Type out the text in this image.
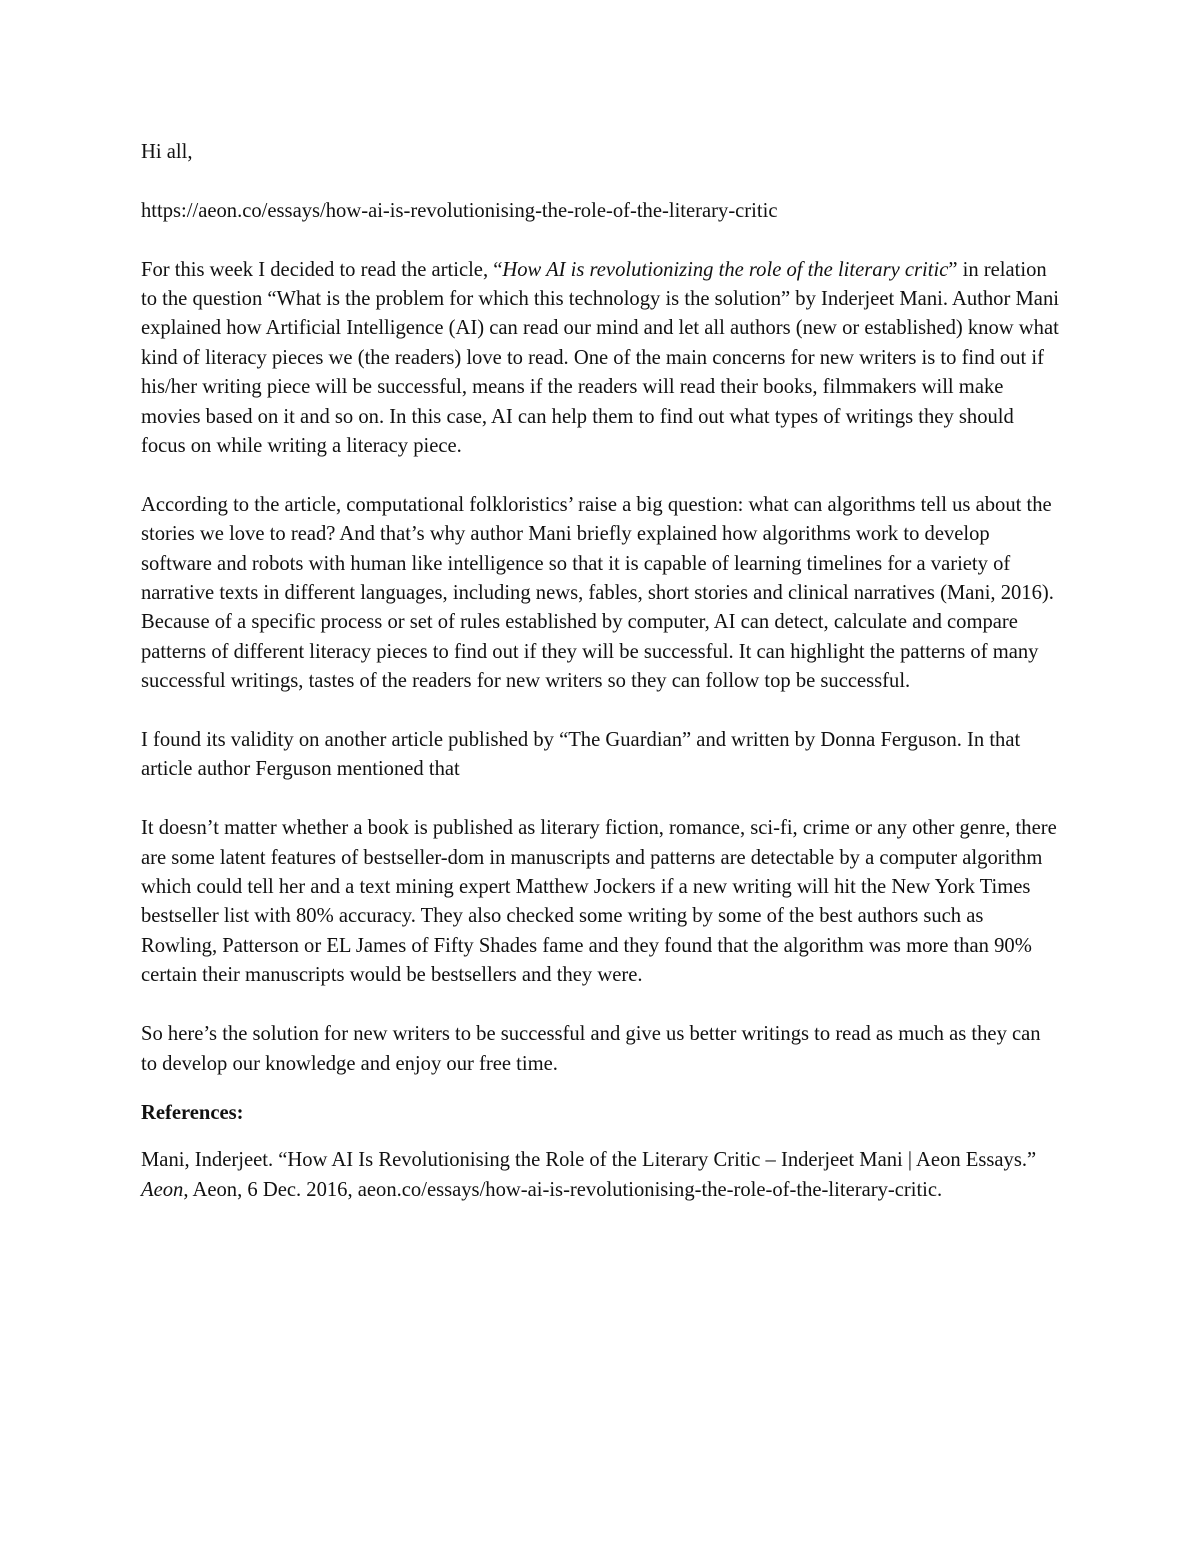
Hi all,

https://aeon.co/essays/how-ai-is-revolutionising-the-role-of-the-literary-critic

For this week I decided to read the article, “How AI is revolutionizing the role of the literary critic” in relation to the question “What is the problem for which this technology is the solution” by Inderjeet Mani. Author Mani explained how Artificial Intelligence (AI) can read our mind and let all authors (new or established) know what kind of literacy pieces we (the readers) love to read. One of the main concerns for new writers is to find out if his/her writing piece will be successful, means if the readers will read their books, filmmakers will make movies based on it and so on. In this case, AI can help them to find out what types of writings they should focus on while writing a literacy piece.

According to the article, computational folkloristics’ raise a big question: what can algorithms tell us about the stories we love to read? And that’s why author Mani briefly explained how algorithms work to develop software and robots with human like intelligence so that it is capable of learning timelines for a variety of narrative texts in different languages, including news, fables, short stories and clinical narratives (Mani, 2016). Because of a specific process or set of rules established by computer, AI can detect, calculate and compare patterns of different literacy pieces to find out if they will be successful. It can highlight the patterns of many successful writings, tastes of the readers for new writers so they can follow top be successful.

I found its validity on another article published by “The Guardian” and written by Donna Ferguson. In that article author Ferguson mentioned that

It doesn’t matter whether a book is published as literary fiction, romance, sci-fi, crime or any other genre, there are some latent features of bestseller-dom in manuscripts and patterns are detectable by a computer algorithm which could tell her and a text mining expert Matthew Jockers if a new writing will hit the New York Times bestseller list with 80% accuracy. They also checked some writing by some of the best authors such as Rowling, Patterson or EL James of Fifty Shades fame and they found that the algorithm was more than 90% certain their manuscripts would be bestsellers and they were.

So here’s the solution for new writers to be successful and give us better writings to read as much as they can to develop our knowledge and enjoy our free time.

References:

Mani, Inderjeet. “How AI Is Revolutionising the Role of the Literary Critic – Inderjeet Mani | Aeon Essays.” Aeon, Aeon, 6 Dec. 2016, aeon.co/essays/how-ai-is-revolutionising-the-role-of-the-literary-critic.
